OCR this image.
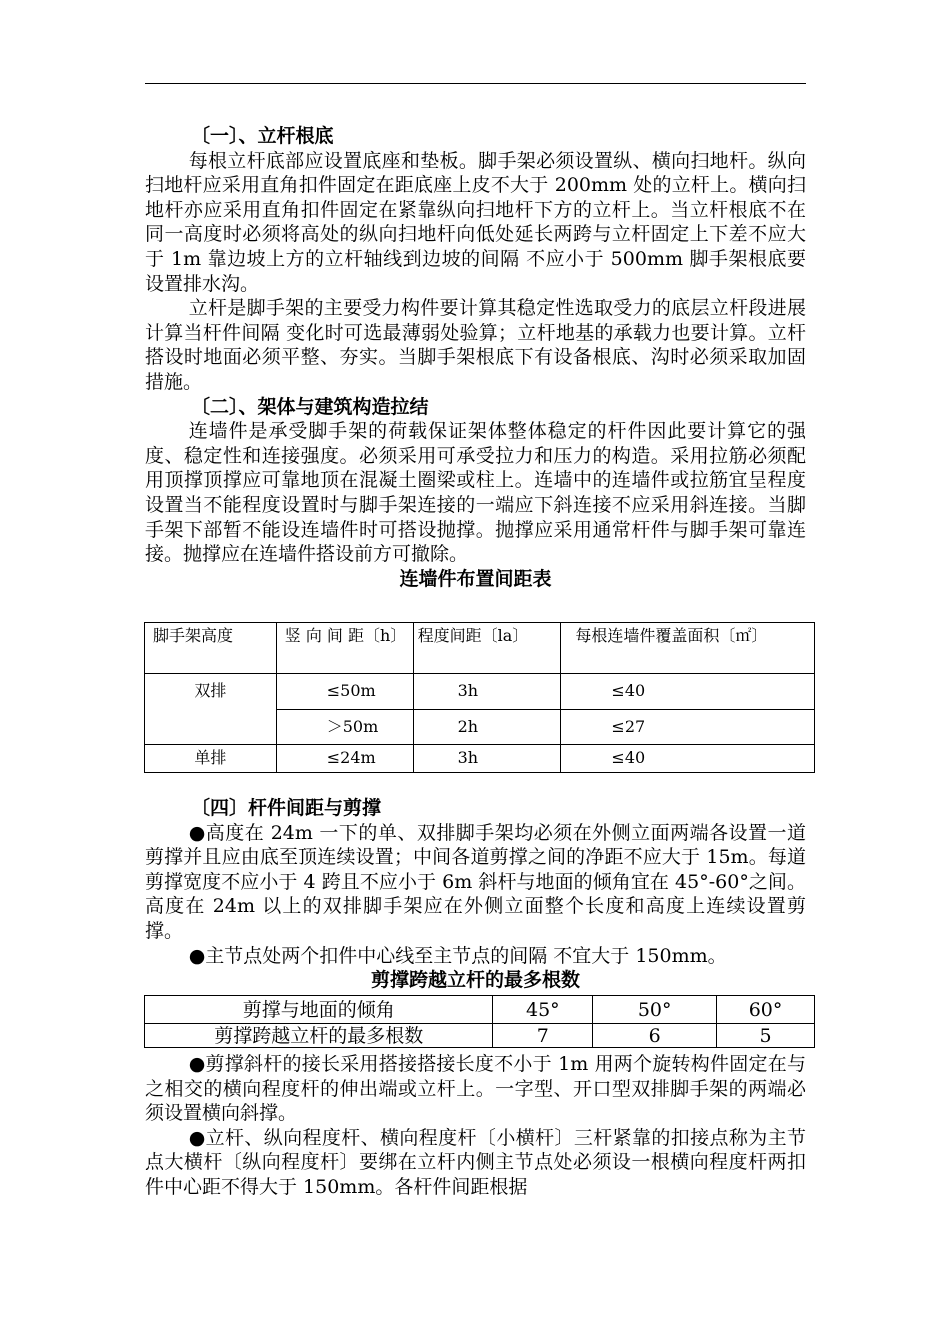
〔一〕、立杆根底
每根立杆底部应设置底座和垫板。脚手架必须设置纵、横向扫地杆。纵向扫地杆应采用直角扣件固定在距底座上皮不大于 200mm 处的立杆上。横向扫地杆亦应采用直角扣件固定在紧靠纵向扫地杆下方的立杆上。当立杆根底不在同一高度时必须将高处的纵向扫地杆向低处延长两跨与立杆固定上下差不应大于 1m 靠边坡上方的立杆轴线到边坡的间隔 不应小于 500mm 脚手架根底要设置排水沟。
立杆是脚手架的主要受力构件要计算其稳定性选取受力的底层立杆段进展计算当杆件间隔 变化时可选最薄弱处验算；立杆地基的承载力也要计算。立杆搭设时地面必须平整、夯实。当脚手架根底下有设备根底、沟时必须采取加固措施。
〔二〕、架体与建筑构造拉结
连墙件是承受脚手架的荷载保证架体整体稳定的杆件因此要计算它的强度、稳定性和连接强度。必须采用可承受拉力和压力的构造。采用拉筋必须配用顶撑顶撑应可靠地顶在混凝土圈梁或柱上。连墙中的连墙件或拉筋宜呈程度设置当不能程度设置时与脚手架连接的一端应下斜连接不应采用斜连接。当脚手架下部暂不能设连墙件时可搭设抛撑。抛撑应采用通常杆件与脚手架可靠连接。抛撑应在连墙件搭设前方可撤除。
连墙件布置间距表
脚手架高度	竖 向 间 距〔h〕	程度间距〔la〕	每根连墙件覆盖面积〔㎡〕
双排	≤50m	3h	≤40
	＞50m	2h	≤27
单排	≤24m	3h	≤40
〔四〕杆件间距与剪撑
●高度在 24m 一下的单、双排脚手架均必须在外侧立面两端各设置一道剪撑并且应由底至顶连续设置；中间各道剪撑之间的净距不应大于 15m。每道剪撑宽度不应小于 4 跨且不应小于 6m 斜杆与地面的倾角宜在 45°-60°之间。高度在 24m 以上的双排脚手架应在外侧立面整个长度和高度上连续设置剪撑。
●主节点处两个扣件中心线至主节点的间隔 不宜大于 150mm。
剪撑跨越立杆的最多根数
剪撑与地面的倾角	45°	50°	60°
剪撑跨越立杆的最多根数	7	6	5
●剪撑斜杆的接长采用搭接搭接长度不小于 1m 用两个旋转构件固定在与之相交的横向程度杆的伸出端或立杆上。一字型、开口型双排脚手架的两端必须设置横向斜撑。
●立杆、纵向程度杆、横向程度杆〔小横杆〕三杆紧靠的扣接点称为主节点大横杆〔纵向程度杆〕要绑在立杆内侧主节点处必须设一根横向程度杆两扣件中心距不得大于 150mm。各杆件间距根据
